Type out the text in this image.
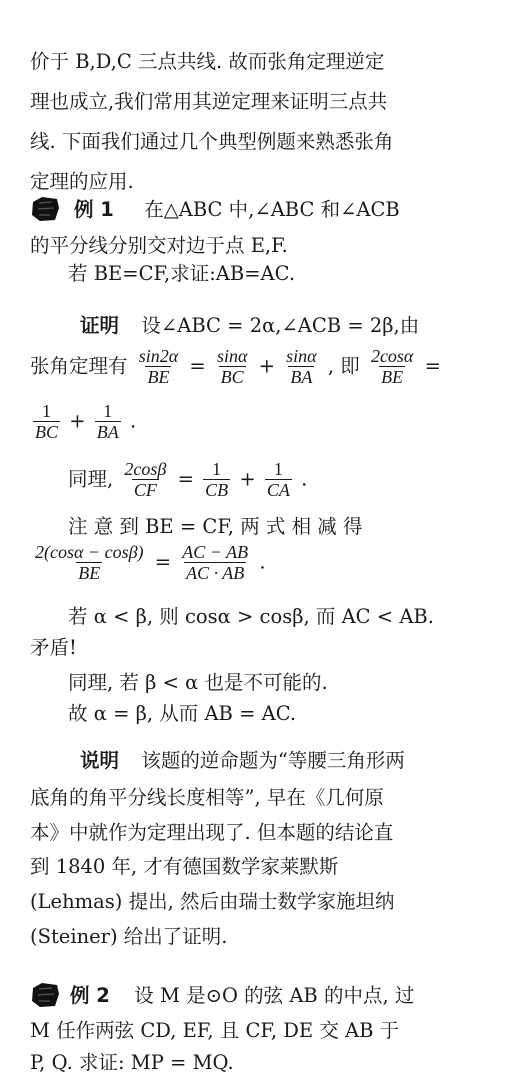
价于 B,D,C 三点共线. 故而张角定理逆定
理也成立,我们常用其逆定理来证明三点共
线. 下面我们通过几个典型例题来熟悉张角
定理的应用.
例 1 在△ABC 中,∠ABC 和∠ACB
的平分线分别交对边于点 E,F.
若 BE=CF,求证:AB=AC.
证明 设∠ABC = 2α,∠ACB = 2β,由
张角定理有 $\frac{\sin 2\alpha}{BE} = \frac{\sin\alpha}{BC} + \frac{\sin\alpha}{BA}$ , 即 $\frac{2\cos\alpha}{BE}$ =
$\frac{1}{BC} + \frac{1}{BA}$ .
同理, $\frac{2\cos\beta}{CF} = \frac{1}{CB} + \frac{1}{CA}$ .
注 意 到 BE = CF, 两 式 相 减 得
$\frac{2(\cos\alpha - \cos\beta)}{BE} = \frac{AC - AB}{AC \cdot AB}$ .
若 α < β, 则 cosα > cosβ, 而 AC < AB.
矛盾!
同理, 若 β < α 也是不可能的.
故 α = β, 从而 AB = AC.
说明 该题的逆命题为“等腰三角形两
底角的角平分线长度相等”, 早在《几何原
本》中就作为定理出现了. 但本题的结论直
到 1840 年, 才有德国数学家莱默斯
(Lehmas) 提出, 然后由瑞士数学家施坦纳
(Steiner) 给出了证明.
例 2 设 M 是⊙O 的弦 AB 的中点, 过
M 任作两弦 CD, EF, 且 CF, DE 交 AB 于
P, Q. 求证: MP = MQ.
